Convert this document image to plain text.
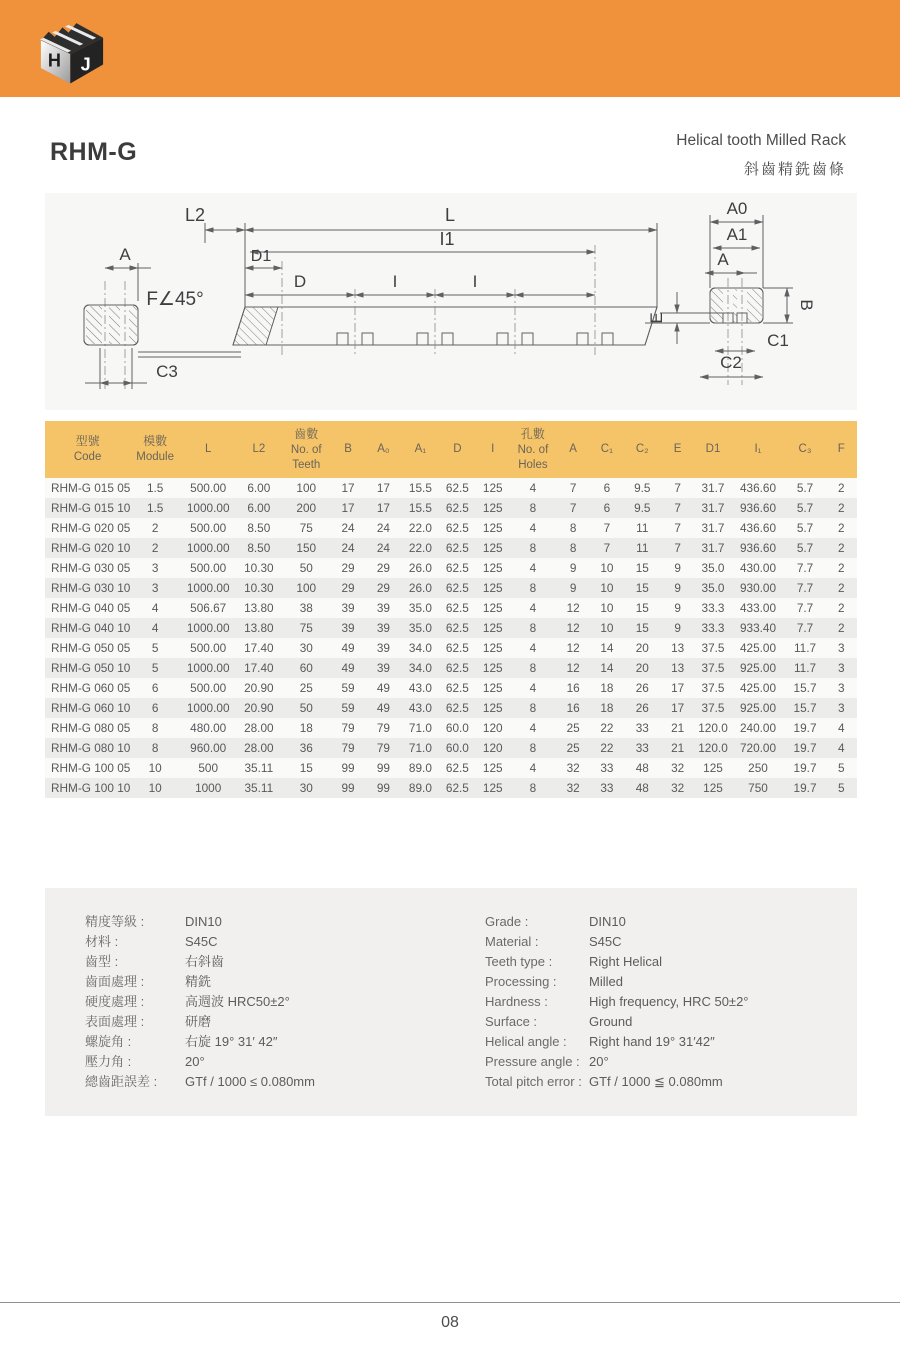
H J
RHM-G	Helical tooth Milled Rack
斜齒精銑齒條
A
F∠45°
C3
L2	L
I1
D1
D	I	I
E
A0
A1
A
B
C1
C2
型號
Code

模數
Module

L	L2

齒數
No. of Teeth

B	A₀	A₁	D	I

孔數
No. of Holes

A	C₁	C₂	E	D1	I₁	C₃	F

RHM-G 015 05	1.5	500.00	6.00	100	17	17	15.5	62.5	125	4	7	6	9.5	7	31.7	436.60	5.7	2
RHM-G 015 10	1.5	1000.00	6.00	200	17	17	15.5	62.5	125	8	7	6	9.5	7	31.7	936.60	5.7	2
RHM-G 020 05	2	500.00	8.50	75	24	24	22.0	62.5	125	4	8	7	11	7	31.7	436.60	5.7	2
RHM-G 020 10	2	1000.00	8.50	150	24	24	22.0	62.5	125	8	8	7	11	7	31.7	936.60	5.7	2
RHM-G 030 05	3	500.00	10.30	50	29	29	26.0	62.5	125	4	9	10	15	9	35.0	430.00	7.7	2
RHM-G 030 10	3	1000.00	10.30	100	29	29	26.0	62.5	125	8	9	10	15	9	35.0	930.00	7.7	2
RHM-G 040 05	4	506.67	13.80	38	39	39	35.0	62.5	125	4	12	10	15	9	33.3	433.00	7.7	2
RHM-G 040 10	4	1000.00	13.80	75	39	39	35.0	62.5	125	8	12	10	15	9	33.3	933.40	7.7	2
RHM-G 050 05	5	500.00	17.40	30	49	39	34.0	62.5	125	4	12	14	20	13	37.5	425.00	11.7	3
RHM-G 050 10	5	1000.00	17.40	60	49	39	34.0	62.5	125	8	12	14	20	13	37.5	925.00	11.7	3
RHM-G 060 05	6	500.00	20.90	25	59	49	43.0	62.5	125	4	16	18	26	17	37.5	425.00	15.7	3
RHM-G 060 10	6	1000.00	20.90	50	59	49	43.0	62.5	125	8	16	18	26	17	37.5	925.00	15.7	3
RHM-G 080 05	8	480.00	28.00	18	79	79	71.0	60.0	120	4	25	22	33	21	120.0	240.00	19.7	4
RHM-G 080 10	8	960.00	28.00	36	79	79	71.0	60.0	120	8	25	22	33	21	120.0	720.00	19.7	4
RHM-G 100 05	10	500	35.11	15	99	99	89.0	62.5	125	4	32	33	48	32	125	250	19.7	5
RHM-G 100 10	10	1000	35.11	30	99	99	89.0	62.5	125	8	32	33	48	32	125	750	19.7	5
精度等級 :	DIN10
材料 :	S45C
齒型 :	右斜齒
齒面處理 :	精銑
硬度處理 :	高週波 HRC50±2°
表面處理 :	研磨
螺旋角 :	右旋 19° 31′ 42″
壓力角 :	20°
總齒距誤差 :	GTf / 1000 ≤ 0.080mm
Grade :	DIN10
Material :	S45C
Teeth type :	Right Helical
Processing :	Milled
Hardness :	High frequency, HRC 50±2°
Surface :	Ground
Helical angle :	Right hand 19° 31′42″
Pressure angle : 20°
Total pitch error : GTf / 1000 ≦ 0.080mm
08
